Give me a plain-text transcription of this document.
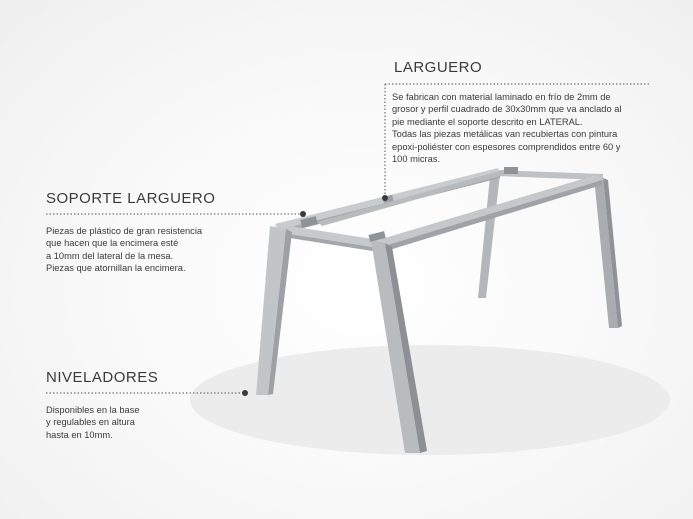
LARGUERO
Se fabrican con material laminado en frío de 2mm de
grosor y perfil cuadrado de 30x30mm que va anclado al
pie mediante el soporte descrito en LATERAL.
Todas las piezas metálicas van recubiertas con pintura
epoxi-poliéster con espesores comprendidos entre 60 y
100 micras.
SOPORTE LARGUERO
Piezas de plástico de gran resistencia
que hacen que la encimera esté
a 10mm del lateral de la mesa.
Piezas que atornillan la encimera.
NIVELADORES
Disponibles en la base
y regulables en altura
hasta en 10mm.
